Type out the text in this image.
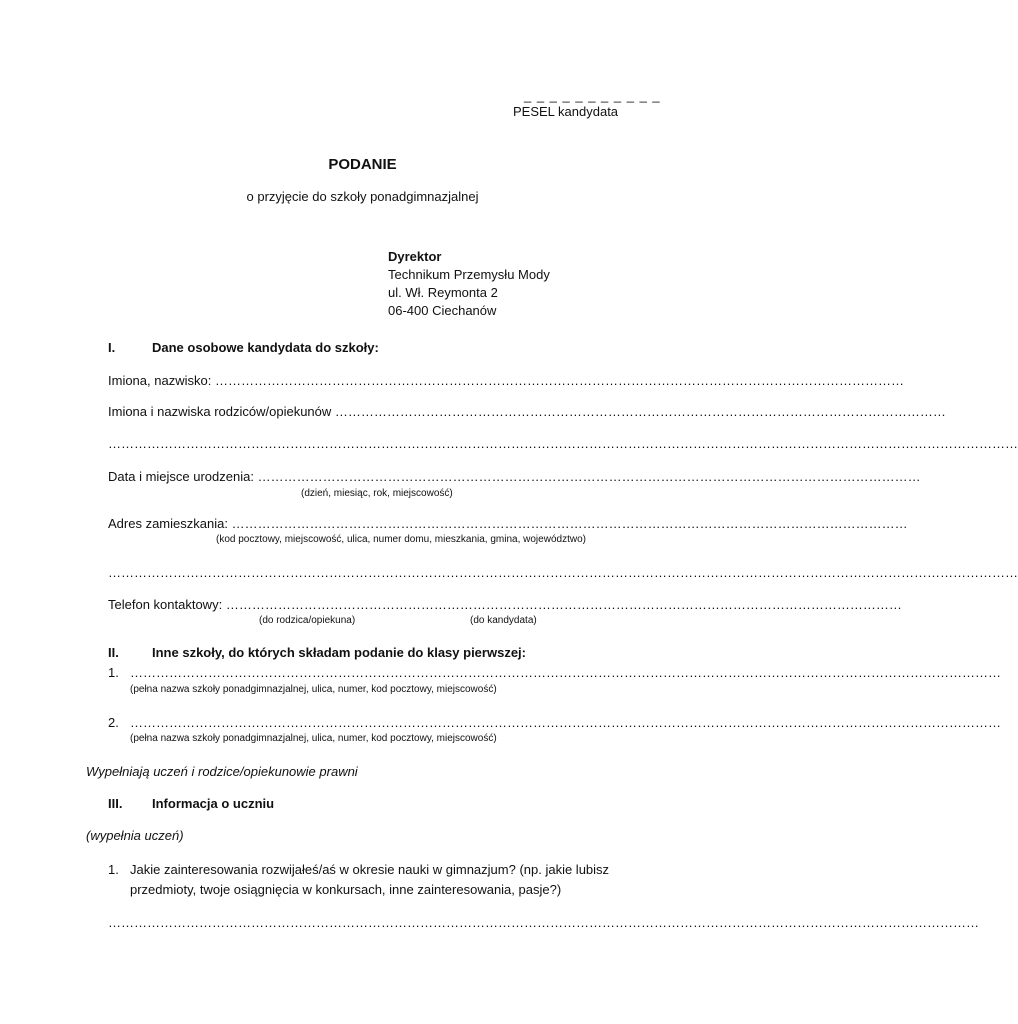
_ _ _ _ _ _ _ _ _ _ _
PESEL kandydata
PODANIE
o przyjęcie do szkoły ponadgimnazjalnej
Dyrektor
Technikum Przemysłu Mody
ul. Wł. Reymonta 2
06-400 Ciechanów
I.	Dane osobowe kandydata do szkoły:
Imiona, nazwisko: ……………………………………………………………………………………………………………………………………………
Imiona i nazwiska rodziców/opiekunów ……………………………………………………………………………………………………………………………
…………………………………………………………………………………………………………………………………………………………………………………………
Data i miejsce urodzenia: ………………………………………………………………………………………………………………………………………
(dzień, miesiąc, rok, miejscowość)
Adres zamieszkania: …………………………………………………………………………………………………………………………………………
(kod pocztowy, miejscowość, ulica, numer domu, mieszkania, gmina, województwo)
…………………………………………………………………………………………………………………………………………………………………………………………
Telefon kontaktowy: …………………………………………………………………………………………………………………………………………
(do rodzica/opiekuna)	(do kandydata)
II.	Inne szkoły, do których składam podanie do klasy pierwszej:
1. …………………………………………………………………………………………………………………………………………………………………………………
(pełna nazwa szkoły ponadgimnazjalnej, ulica, numer, kod pocztowy, miejscowość)
2. …………………………………………………………………………………………………………………………………………………………………………………
(pełna nazwa szkoły ponadgimnazjalnej, ulica, numer, kod pocztowy, miejscowość)
Wypełniają uczeń i rodzice/opiekunowie prawni
III. Informacja o uczniu
(wypełnia uczeń)
1. Jakie zainteresowania rozwijałeś/aś w okresie nauki w gimnazjum? (np. jakie lubisz
przedmioty, twoje osiągnięcia w konkursach, inne zainteresowania, pasje?)
…………………………………………………………………………………………………………………………………………………………………………………
